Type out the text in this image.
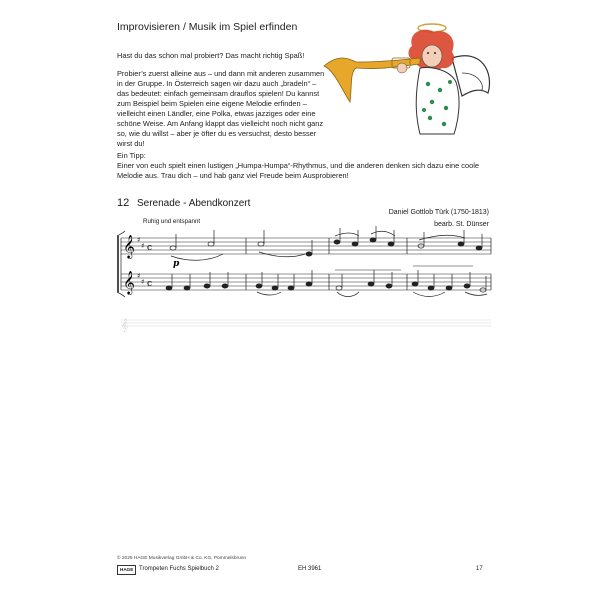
Improvisieren / Musik im Spiel erfinden

Hast du das schon mal probiert? Das macht richtig Spaß!

Probier’s zuerst alleine aus – und dann mit anderen zusammen in der Gruppe. In Österreich sagen wir dazu auch „bradeln“ – das bedeutet: einfach gemeinsam drauflos spielen! Du kannst zum Beispiel beim Spielen eine eigene Melodie erfinden – vielleicht einen Ländler, eine Polka, etwas jazziges oder eine schöne Weise. Am Anfang klappt das vielleicht noch nicht ganz so, wie du willst – aber je öfter du es versuchst, desto besser wirst du!

Ein Tipp:
Einer von euch spielt einen lustigen „Humpa-Humpa“-Rhythmus, und die anderen denken sich dazu eine coole Melodie aus. Trau dich – und hab ganz viel Freude beim Ausprobieren!
12 Serenade - Abendkonzert
Daniel Gottlob Türk (1750-1813)
bearb. St. Dünser
Ruhig und entspannt
𝄞
𝄞
♯
♯
♯
♯
c
c
p
𝄞
© 2025 HAGE Musikverlag GmbH & Co. KG, Pommelsbrunn
HAGE Trompeten Fuchs Spielbuch 2	EH 3961	17
